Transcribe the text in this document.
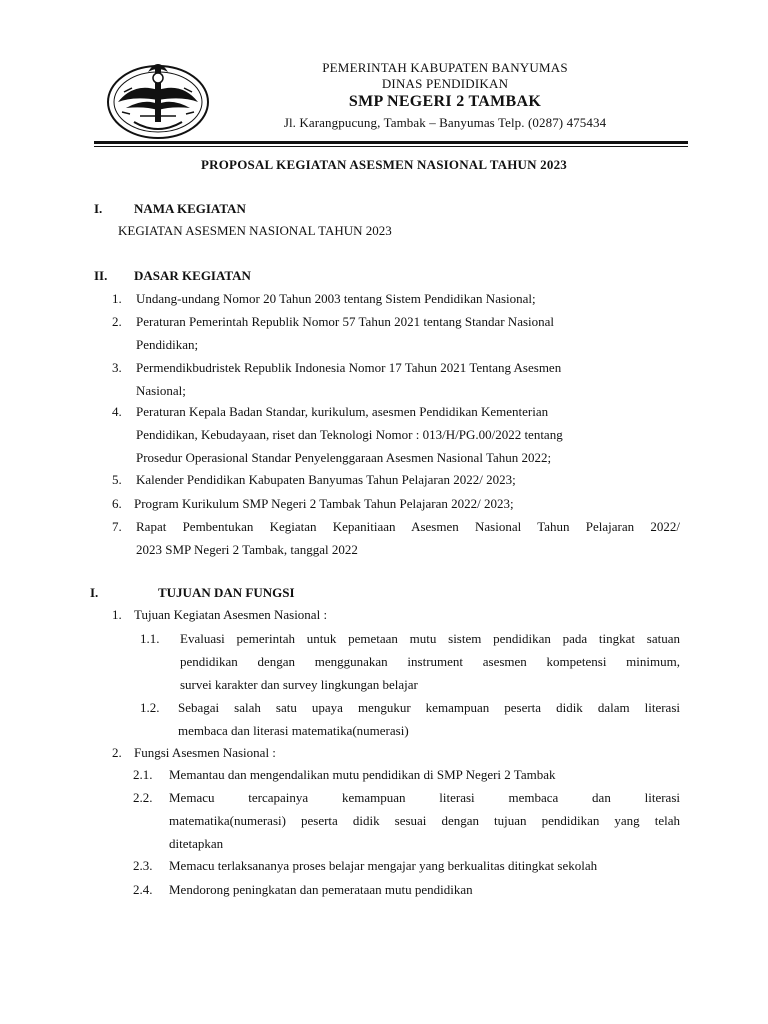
PEMERINTAH KABUPATEN BANYUMAS
DINAS PENDIDIKAN
SMP NEGERI 2 TAMBAK
Jl. Karangpucung, Tambak – Banyumas Telp. (0287) 475434
PROPOSAL KEGIATAN ASESMEN NASIONAL TAHUN 2023
I. NAMA KEGIATAN
KEGIATAN ASESMEN NASIONAL TAHUN 2023
II. DASAR KEGIATAN
1. Undang-undang Nomor 20 Tahun 2003 tentang Sistem Pendidikan Nasional;
2. Peraturan Pemerintah Republik Nomor 57 Tahun 2021 tentang Standar Nasional
Pendidikan;
3. Permendikbudristek Republik Indonesia Nomor 17 Tahun 2021 Tentang Asesmen
Nasional;
4. Peraturan Kepala Badan Standar, kurikulum, asesmen Pendidikan Kementerian
Pendidikan, Kebudayaan, riset dan Teknologi Nomor : 013/H/PG.00/2022 tentang
Prosedur Operasional Standar Penyelenggaraan Asesmen Nasional Tahun 2022;
5. Kalender Pendidikan Kabupaten Banyumas Tahun Pelajaran 2022/ 2023;
6. Program Kurikulum SMP Negeri 2 Tambak Tahun Pelajaran 2022/ 2023;
7. Rapat Pembentukan Kegiatan Kepanitiaan Asesmen Nasional Tahun Pelajaran 2022/
2023 SMP Negeri 2 Tambak, tanggal 2022
I.	TUJUAN DAN FUNGSI
1. Tujuan Kegiatan Asesmen Nasional :
1.1. Evaluasi pemerintah untuk pemetaan mutu sistem pendidikan pada tingkat satuan
pendidikan dengan menggunakan instrument asesmen kompetensi minimum,
survei karakter dan survey lingkungan belajar
1.2. Sebagai salah satu upaya mengukur kemampuan peserta didik dalam literasi
membaca dan literasi matematika(numerasi)
2. Fungsi Asesmen Nasional :
2.1. Memantau dan mengendalikan mutu pendidikan di SMP Negeri 2 Tambak
2.2. Memacu tercapainya kemampuan literasi membaca dan literasi
matematika(numerasi) peserta didik sesuai dengan tujuan pendidikan yang telah
ditetapkan
2.3. Memacu terlaksananya proses belajar mengajar yang berkualitas ditingkat sekolah
2.4. Mendorong peningkatan dan pemerataan mutu pendidikan
